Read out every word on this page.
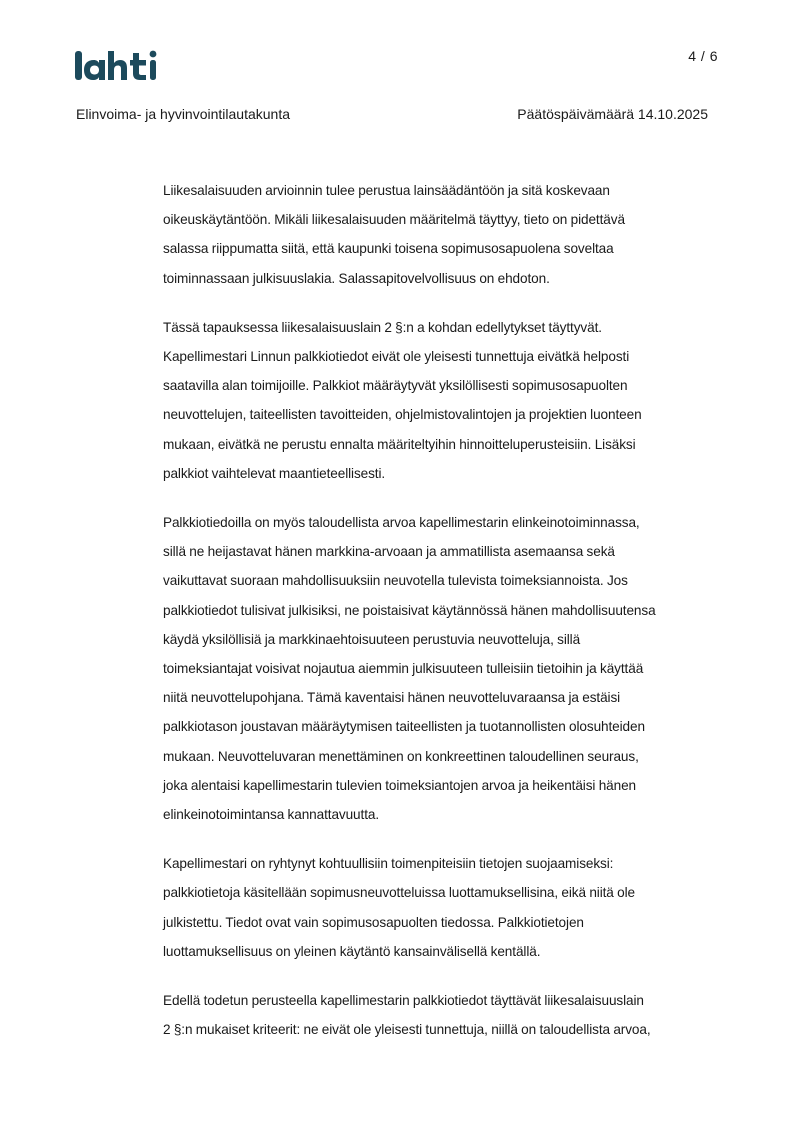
4 / 6
Elinvoima- ja hyvinvointilautakunta	Päätöspäivämäärä 14.10.2025

Liikesalaisuuden arvioinnin tulee perustua lainsäädäntöön ja sitä koskevaan
oikeuskäytäntöön. Mikäli liikesalaisuuden määritelmä täyttyy, tieto on pidettävä
salassa riippumatta siitä, että kaupunki toisena sopimusosapuolena soveltaa
toiminnassaan julkisuuslakia. Salassapitovelvollisuus on ehdoton.

Tässä tapauksessa liikesalaisuuslain 2 §:n a kohdan edellytykset täyttyvät.
Kapellimestari Linnun palkkiotiedot eivät ole yleisesti tunnettuja eivätkä helposti
saatavilla alan toimijoille. Palkkiot määräytyvät yksilöllisesti sopimusosapuolten
neuvottelujen, taiteellisten tavoitteiden, ohjelmistovalintojen ja projektien luonteen
mukaan, eivätkä ne perustu ennalta määriteltyihin hinnoitteluperusteisiin. Lisäksi
palkkiot vaihtelevat maantieteellisesti.

Palkkiotiedoilla on myös taloudellista arvoa kapellimestarin elinkeinotoiminnassa,
sillä ne heijastavat hänen markkina-arvoaan ja ammatillista asemaansa sekä
vaikuttavat suoraan mahdollisuuksiin neuvotella tulevista toimeksiannoista. Jos
palkkiotiedot tulisivat julkisiksi, ne poistaisivat käytännössä hänen mahdollisuutensa
käydä yksilöllisiä ja markkinaehtoisuuteen perustuvia neuvotteluja, sillä
toimeksiantajat voisivat nojautua aiemmin julkisuuteen tulleisiin tietoihin ja käyttää
niitä neuvottelupohjana. Tämä kaventaisi hänen neuvotteluvaraansa ja estäisi
palkkiotason joustavan määräytymisen taiteellisten ja tuotannollisten olosuhteiden
mukaan. Neuvotteluvaran menettäminen on konkreettinen taloudellinen seuraus,
joka alentaisi kapellimestarin tulevien toimeksiantojen arvoa ja heikentäisi hänen
elinkeinotoimintansa kannattavuutta.

Kapellimestari on ryhtynyt kohtuullisiin toimenpiteisiin tietojen suojaamiseksi:
palkkiotietoja käsitellään sopimusneuvotteluissa luottamuksellisina, eikä niitä ole
julkistettu. Tiedot ovat vain sopimusosapuolten tiedossa. Palkkiotietojen
luottamuksellisuus on yleinen käytäntö kansainvälisellä kentällä.

Edellä todetun perusteella kapellimestarin palkkiotiedot täyttävät liikesalaisuuslain
2 §:n mukaiset kriteerit: ne eivät ole yleisesti tunnettuja, niillä on taloudellista arvoa,
